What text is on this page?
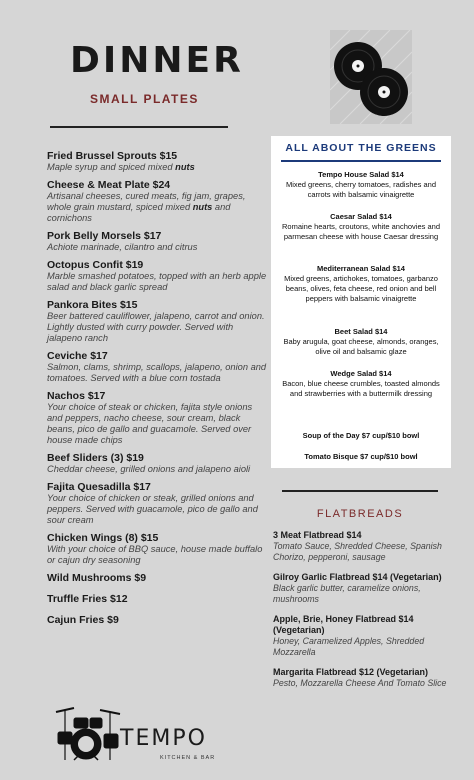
DINNER
SMALL PLATES
Fried Brussel Sprouts $15
Maple syrup and spiced mixed nuts
Cheese & Meat Plate $24
Artisanal cheeses, cured meats, fig jam, grapes, whole grain mustard, spiced mixed nuts and cornichons
Pork Belly Morsels $17
Achiote marinade, cilantro and citrus
Octopus Confit $19
Marble smashed potatoes, topped with an herb apple salad and black garlic spread
Pankora Bites $15
Beer battered cauliflower, jalapeno, carrot and onion. Lightly dusted with curry powder. Served with jalapeno ranch
Ceviche $17
Salmon, clams, shrimp, scallops, jalapeno, onion and tomatoes. Served with a blue corn tostada
Nachos $17
Your choice of steak or chicken, fajita style onions and peppers, nacho cheese, sour cream, black beans, pico de gallo and guacamole. Served over house made chips
Beef Sliders (3) $19
Cheddar cheese, grilled onions and jalapeno aioli
Fajita Quesadilla $17
Your choice of chicken or steak, grilled onions and peppers. Served with guacamole, pico de gallo and sour cream
Chicken Wings (8) $15
With your choice of BBQ sauce, house made buffalo or cajun dry seasoning
Wild Mushrooms $9
Truffle Fries $12
Cajun Fries $9
ALL ABOUT THE GREENS
Tempo House Salad $14
Mixed greens, cherry tomatoes, radishes and carrots with balsamic vinaigrette
Caesar Salad $14
Romaine hearts, croutons, white anchovies and parmesan cheese with house Caesar dressing
Mediterranean Salad $14
Mixed greens, artichokes, tomatoes, garbanzo beans, olives, feta cheese, red onion and bell peppers with balsamic vinaigrette
Beet Salad $14
Baby arugula, goat cheese, almonds, oranges, olive oil and balsamic glaze
Wedge Salad $14
Bacon, blue cheese crumbles, toasted almonds and strawberries with a buttermilk dressing
Soup of the Day $7 cup/$10 bowl
Tomato Bisque $7 cup/$10 bowl
FLATBREADS
3 Meat Flatbread $14
Tomato Sauce, Shredded Cheese, Spanish Chorizo, pepperoni, sausage
Gilroy Garlic Flatbread $14 (Vegetarian)
Black garlic butter, caramelize onions, mushrooms
Apple, Brie, Honey Flatbread $14 (Vegetarian)
Honey, Caramelized Apples, Shredded Mozzarella
Margarita Flatbread $12 (Vegetarian)
Pesto, Mozzarella Cheese And Tomato Slice
TEMPO
KITCHEN & BAR
